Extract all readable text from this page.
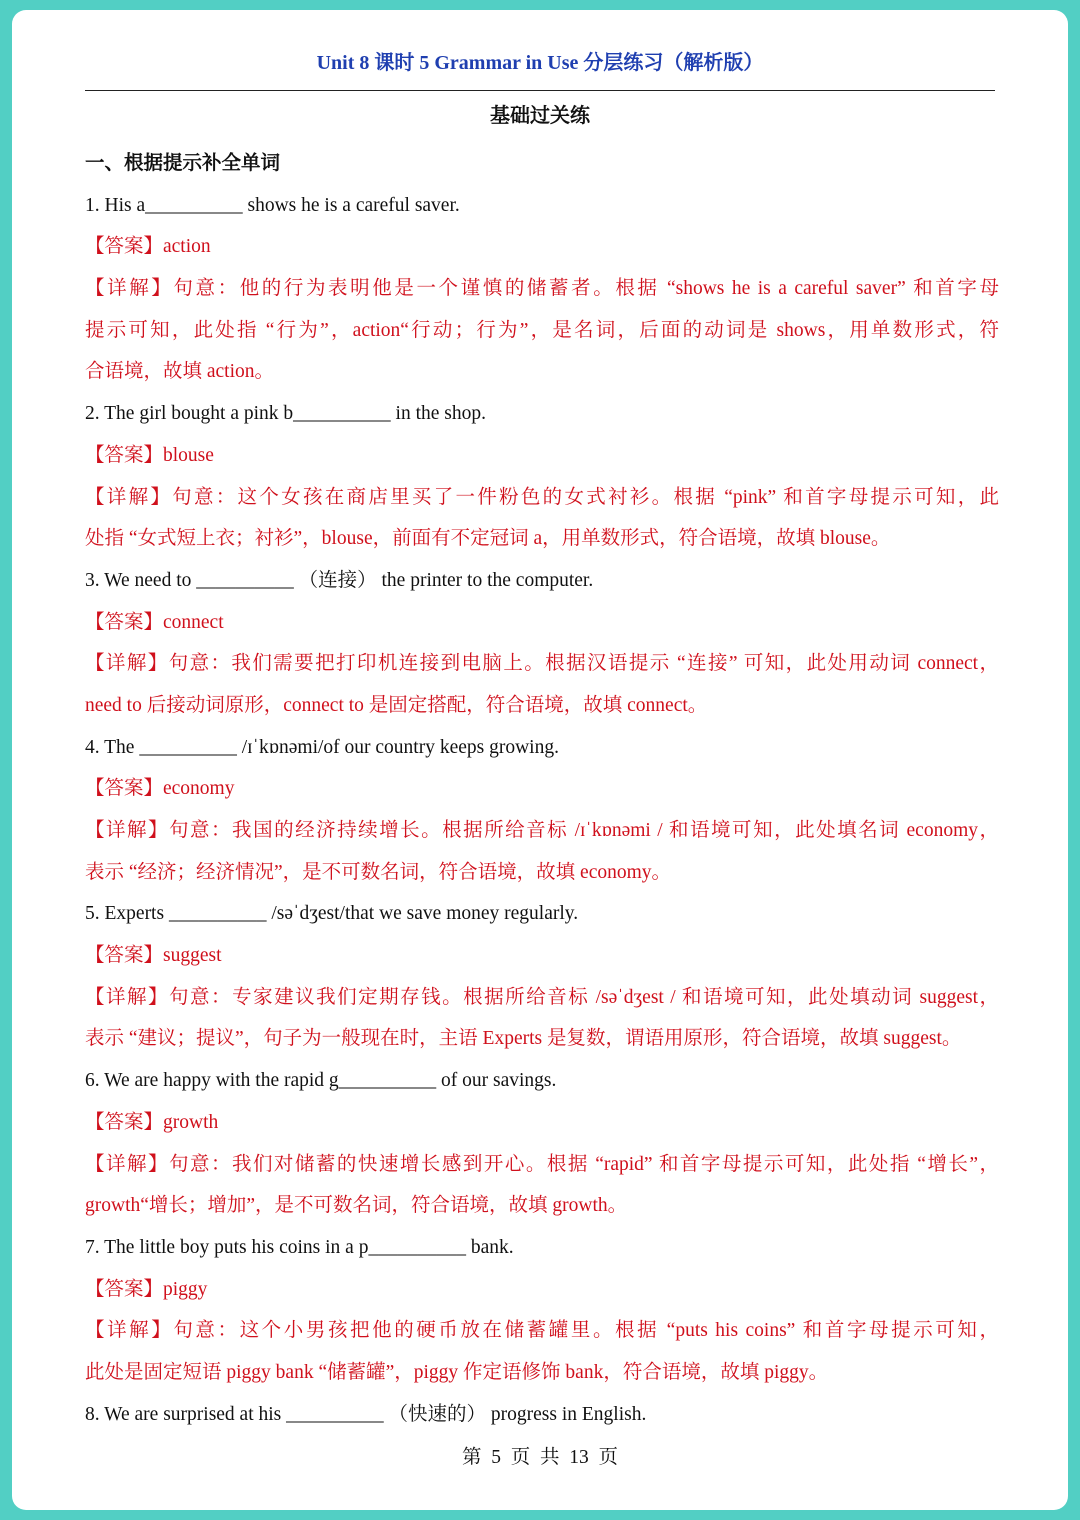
Unit 8 课时 5 Grammar in Use 分层练习（解析版）
基础过关练
一、根据提示补全单词
1. His a__________ shows he is a careful saver.
【答案】action
【详解】句意：他的行为表明他是一个谨慎的储蓄者。根据 “shows he is a careful saver” 和首字母
提示可知，此处指 “行为”，action“行动；行为”，是名词，后面的动词是 shows，用单数形式，符
合语境，故填 action。
2. The girl bought a pink b__________ in the shop.
【答案】blouse
【详解】句意：这个女孩在商店里买了一件粉色的女式衬衫。根据 “pink” 和首字母提示可知，此
处指 “女式短上衣；衬衫”，blouse，前面有不定冠词 a，用单数形式，符合语境，故填 blouse。
3. We need to __________ （连接） the printer to the computer.
【答案】connect
【详解】句意：我们需要把打印机连接到电脑上。根据汉语提示 “连接” 可知，此处用动词 connect，
need to 后接动词原形，connect to 是固定搭配，符合语境，故填 connect。
4. The __________ /ɪˈkɒnəmi/of our country keeps growing.
【答案】economy
【详解】句意：我国的经济持续增长。根据所给音标 /ɪˈkɒnəmi / 和语境可知，此处填名词 economy，
表示 “经济；经济情况”，是不可数名词，符合语境，故填 economy。
5. Experts __________ /səˈdʒest/that we save money regularly.
【答案】suggest
【详解】句意：专家建议我们定期存钱。根据所给音标 /səˈdʒest / 和语境可知，此处填动词 suggest，
表示 “建议；提议”，句子为一般现在时，主语 Experts 是复数，谓语用原形，符合语境，故填 suggest。
6. We are happy with the rapid g__________ of our savings.
【答案】growth
【详解】句意：我们对储蓄的快速增长感到开心。根据 “rapid” 和首字母提示可知，此处指 “增长”，
growth“增长；增加”，是不可数名词，符合语境，故填 growth。
7. The little boy puts his coins in a p__________ bank.
【答案】piggy
【详解】句意：这个小男孩把他的硬币放在储蓄罐里。根据 “puts his coins” 和首字母提示可知，
此处是固定短语 piggy bank “储蓄罐”，piggy 作定语修饰 bank，符合语境，故填 piggy。
8. We are surprised at his __________ （快速的） progress in English.
第  5  页  共  13  页
